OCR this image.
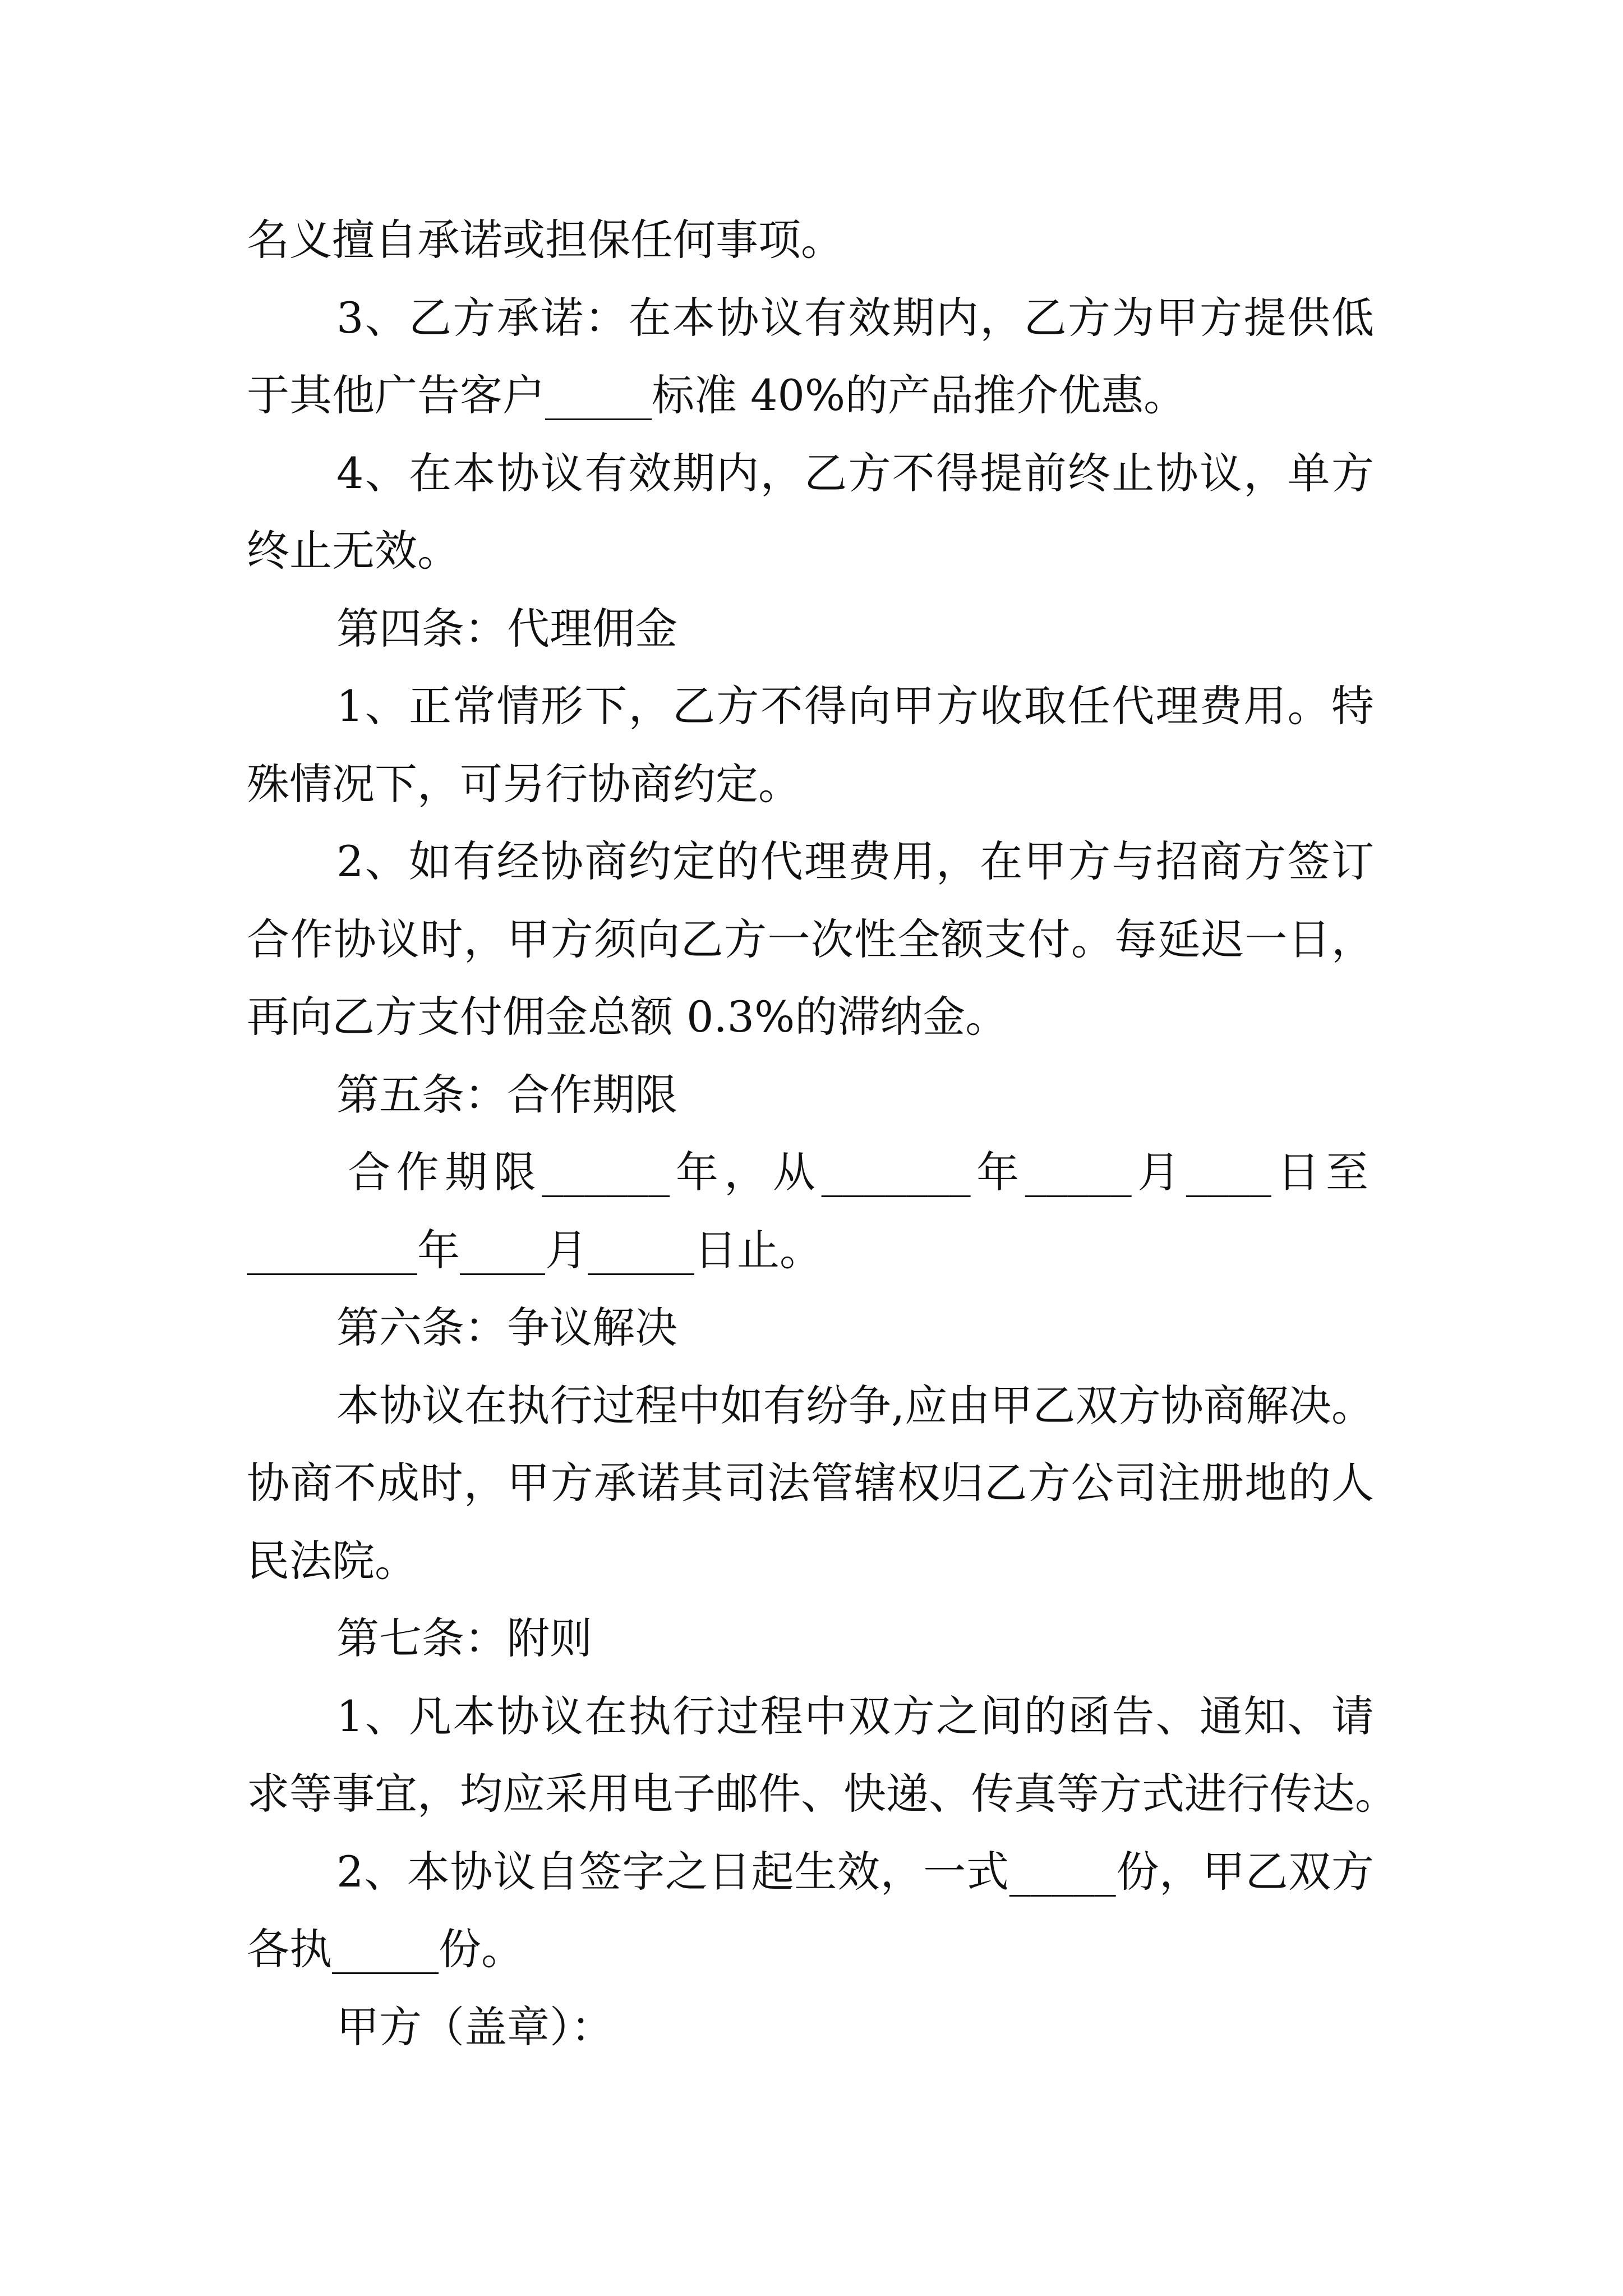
名义擅自承诺或担保任何事项。

3、乙方承诺：在本协议有效期内，乙方为甲方提供低

于其他广告客户_____标准 40%的产品推介优惠。

4、在本协议有效期内，乙方不得提前终止协议，单方

终止无效。

第四条：代理佣金

1、正常情形下，乙方不得向甲方收取任代理费用。特

殊情况下，可另行协商约定。

2、如有经协商约定的代理费用，在甲方与招商方签订

合作协议时，甲方须向乙方一次性全额支付。每延迟一日，

再向乙方支付佣金总额 0.3%的滞纳金。

第五条：合作期限

合作期限______年，从_______年_____月____日至

________年____月_____日止。

第六条：争议解决

本协议在执行过程中如有纷争,应由甲乙双方协商解决。

协商不成时，甲方承诺其司法管辖权归乙方公司注册地的人

民法院。

第七条：附则

1、凡本协议在执行过程中双方之间的函告、通知、请

求等事宜，均应采用电子邮件、快递、传真等方式进行传达。

2、本协议自签字之日起生效，一式_____份，甲乙双方

各执_____份。

甲方（盖章）：
